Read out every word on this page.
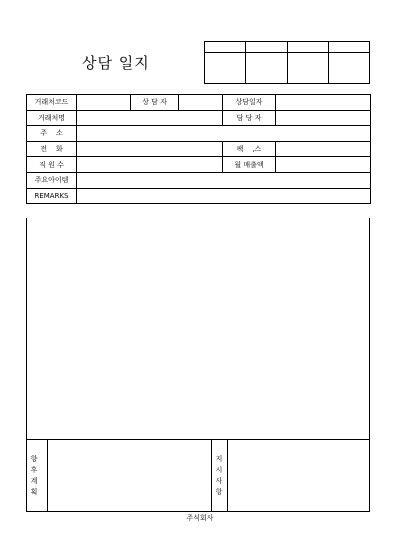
상담 일지

거래처코드		상 담 자		상담일자	
거래처명				담 당 자	
주    소					
전    화				팩    ,스	
직 원 수				월 매출액	
주요아이템					
REMARKS					
향
후
계
획
지
시
사
항
주식회사
